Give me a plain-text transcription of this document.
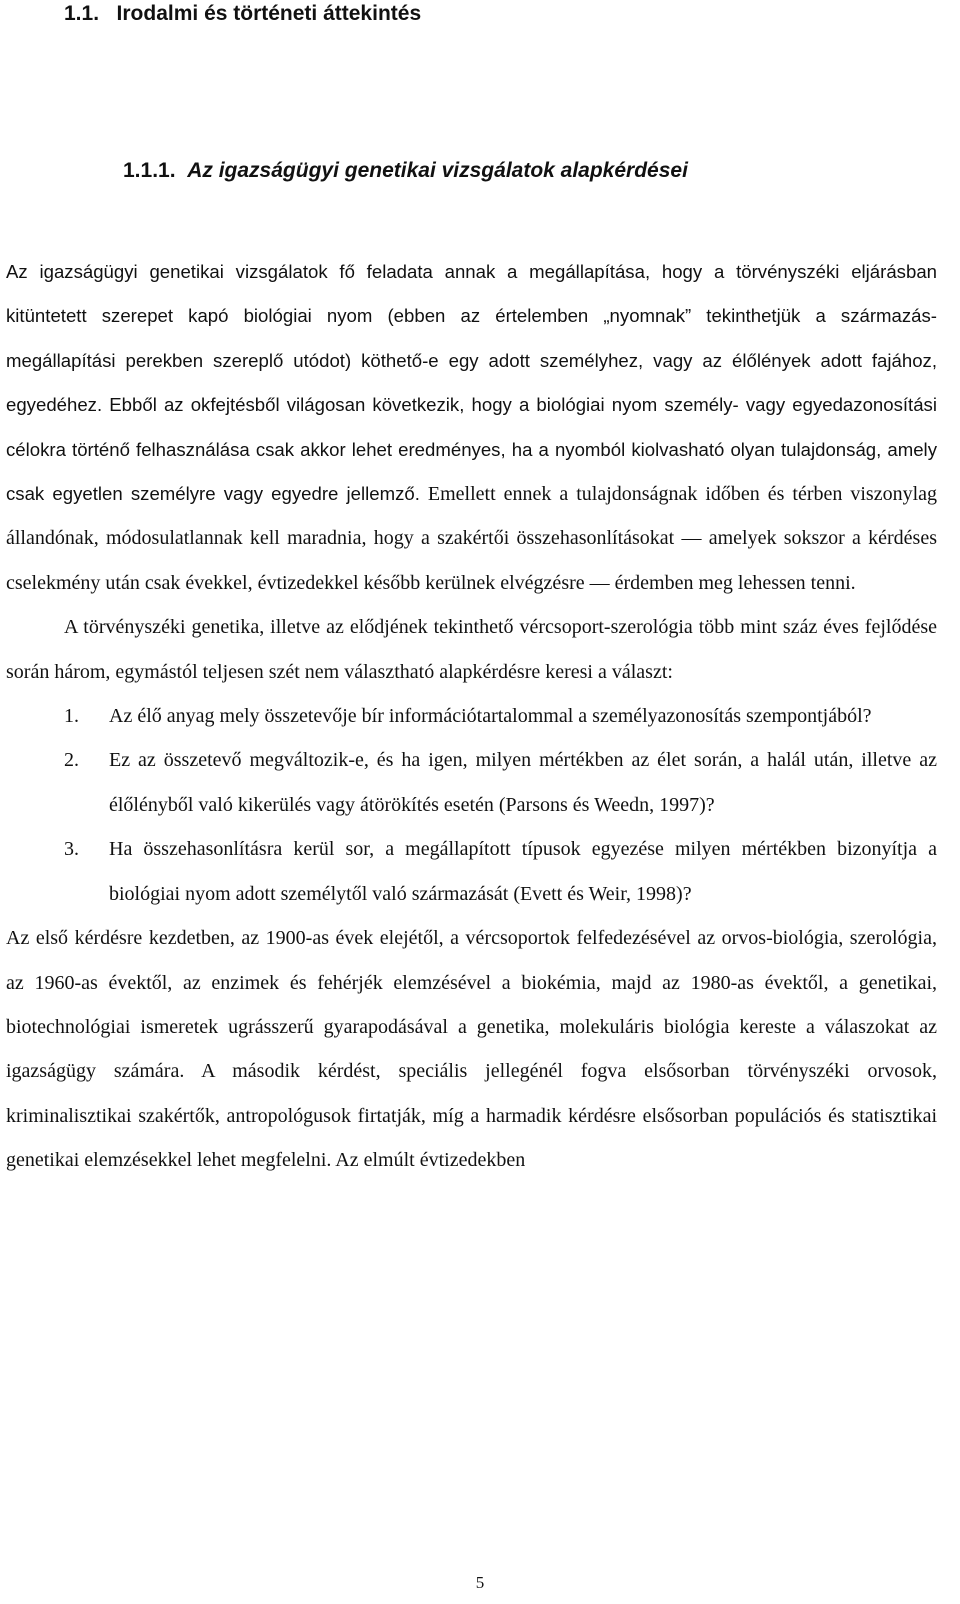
1.1. Irodalmi és történeti áttekintés
1.1.1. Az igazságügyi genetikai vizsgálatok alapkérdései

Az igazságügyi genetikai vizsgálatok fő feladata annak a megállapítása, hogy a törvényszéki eljárásban kitüntetett szerepet kapó biológiai nyom (ebben az értelemben „nyomnak” tekinthetjük a származás-megállapítási perekben szereplő utódot) köthető-e egy adott személyhez, vagy az élőlények adott fajához, egyedéhez. Ebből az okfejtésből világosan következik, hogy a biológiai nyom személy- vagy egyedazonosítási célokra történő felhasználása csak akkor lehet eredményes, ha a nyomból kiolvasható olyan tulajdonság, amely csak egyetlen személyre vagy egyedre jellemző. Emellett ennek a tulajdonságnak időben és térben viszonylag állandónak, módosulatlannak kell maradnia, hogy a szakértői összehasonlításokat ― amelyek sokszor a kérdéses cselekmény után csak évekkel, évtizedekkel később kerülnek elvégzésre ― érdemben meg lehessen tenni.

A törvényszéki genetika, illetve az elődjének tekinthető vércsoport-szerológia több mint száz éves fejlődése során három, egymástól teljesen szét nem választható alapkérdésre keresi a választ:

1. Az élő anyag mely összetevője bír információtartalommal a személyazonosítás szempontjából?
2. Ez az összetevő megváltozik-e, és ha igen, milyen mértékben az élet során, a halál után, illetve az élőlényből való kikerülés vagy átörökítés esetén (Parsons és Weedn, 1997)?
3. Ha összehasonlításra kerül sor, a megállapított típusok egyezése milyen mértékben bizonyítja a biológiai nyom adott személytől való származását (Evett és Weir, 1998)?

Az első kérdésre kezdetben, az 1900-as évek elejétől, a vércsoportok felfedezésével az orvos-biológia, szerológia, az 1960-as évektől, az enzimek és fehérjék elemzésével a biokémia, majd az 1980-as évektől, a genetikai, biotechnológiai ismeretek ugrásszerű gyarapodásával a genetika, molekuláris biológia kereste a válaszokat az igazságügy számára. A második kérdést, speciális jellegénél fogva elsősorban törvényszéki orvosok, kriminalisztikai szakértők, antropológusok firtatják, míg a harmadik kérdésre elsősorban populációs és statisztikai genetikai elemzésekkel lehet megfelelni. Az elmúlt évtizedekben

5
